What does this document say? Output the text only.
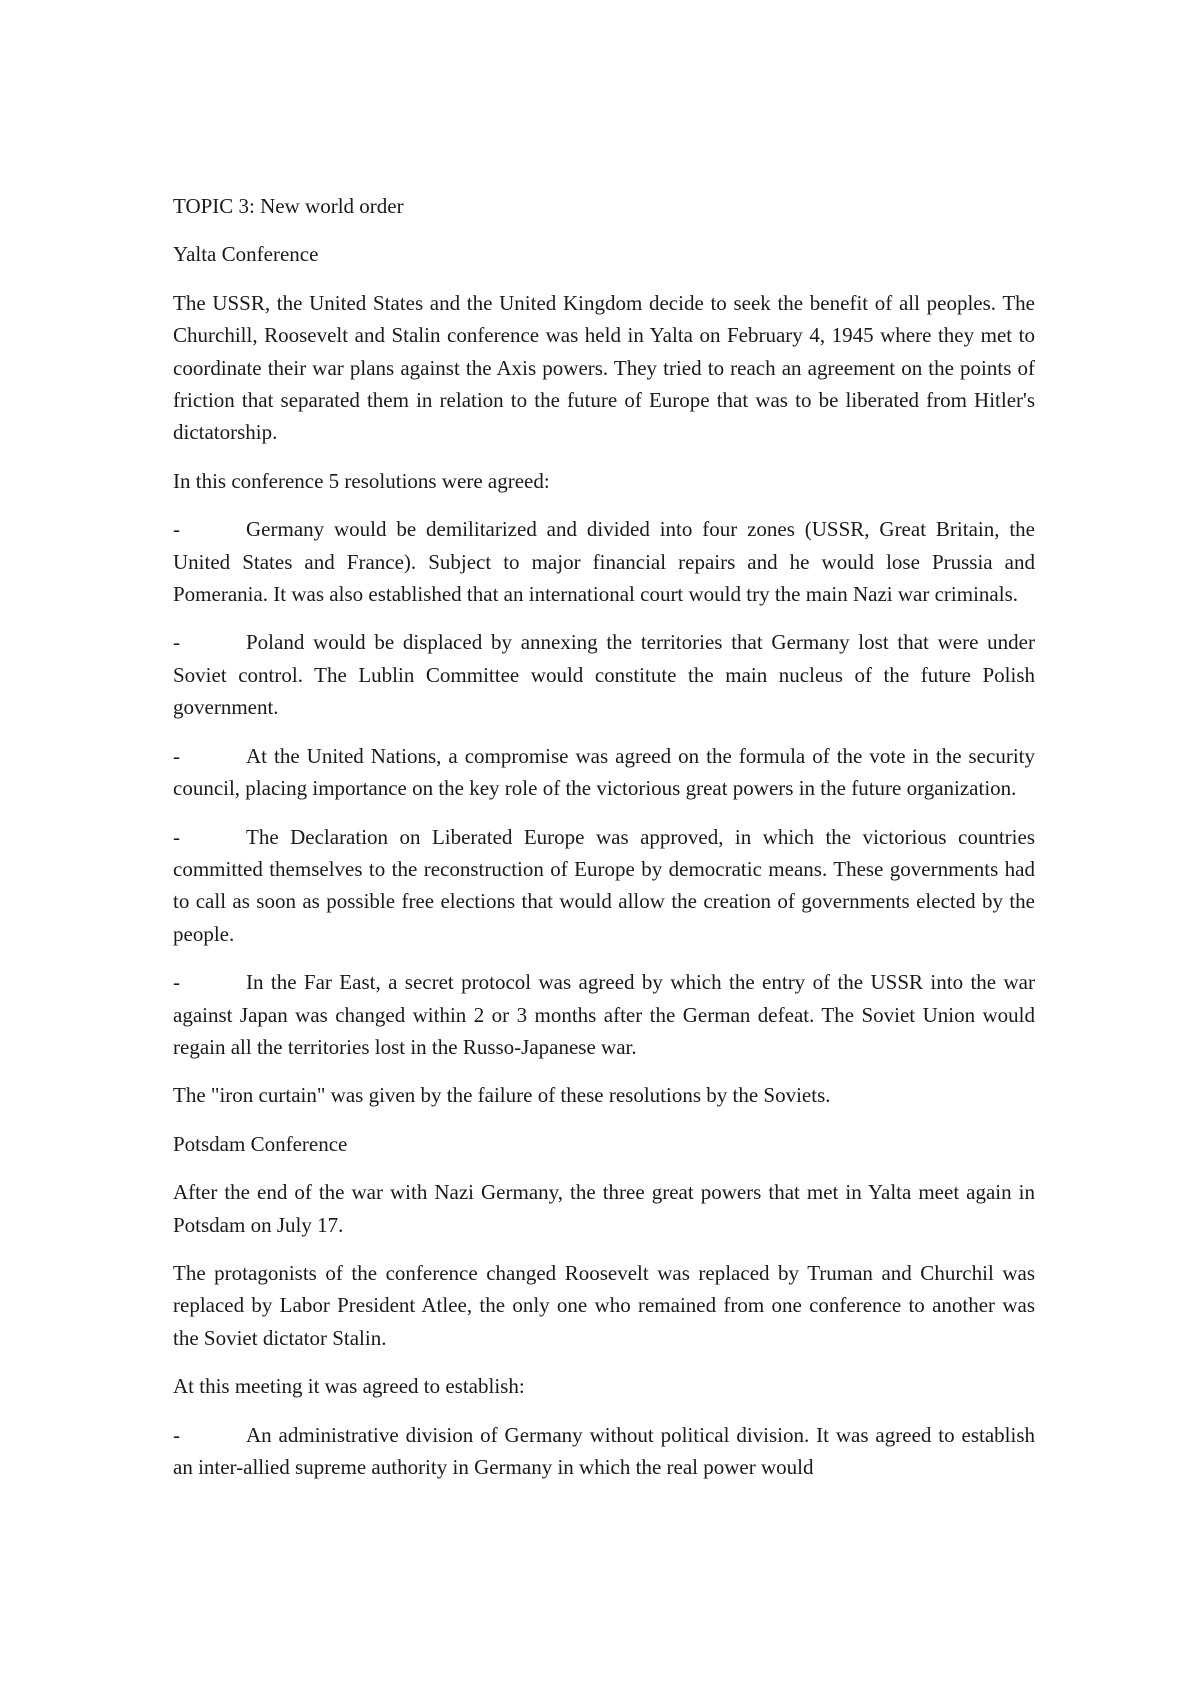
TOPIC 3: New world order

Yalta Conference

The USSR, the United States and the United Kingdom decide to seek the benefit of all peoples. The Churchill, Roosevelt and Stalin conference was held in Yalta on February 4, 1945 where they met to coordinate their war plans against the Axis powers. They tried to reach an agreement on the points of friction that separated them in relation to the future of Europe that was to be liberated from Hitler's dictatorship.

In this conference 5 resolutions were agreed:

-	Germany would be demilitarized and divided into four zones (USSR, Great Britain, the United States and France). Subject to major financial repairs and he would lose Prussia and Pomerania. It was also established that an international court would try the main Nazi war criminals.

-	Poland would be displaced by annexing the territories that Germany lost that were under Soviet control. The Lublin Committee would constitute the main nucleus of the future Polish government.

-	At the United Nations, a compromise was agreed on the formula of the vote in the security council, placing importance on the key role of the victorious great powers in the future organization.

-	The Declaration on Liberated Europe was approved, in which the victorious countries committed themselves to the reconstruction of Europe by democratic means. These governments had to call as soon as possible free elections that would allow the creation of governments elected by the people.

-	In the Far East, a secret protocol was agreed by which the entry of the USSR into the war against Japan was changed within 2 or 3 months after the German defeat. The Soviet Union would regain all the territories lost in the Russo-Japanese war.

The "iron curtain" was given by the failure of these resolutions by the Soviets.

Potsdam Conference

After the end of the war with Nazi Germany, the three great powers that met in Yalta meet again in Potsdam on July 17.

The protagonists of the conference changed Roosevelt was replaced by Truman and Churchil was replaced by Labor President Atlee, the only one who remained from one conference to another was the Soviet dictator Stalin.

At this meeting it was agreed to establish:

-	An administrative division of Germany without political division. It was agreed to establish an inter-allied supreme authority in Germany in which the real power would
